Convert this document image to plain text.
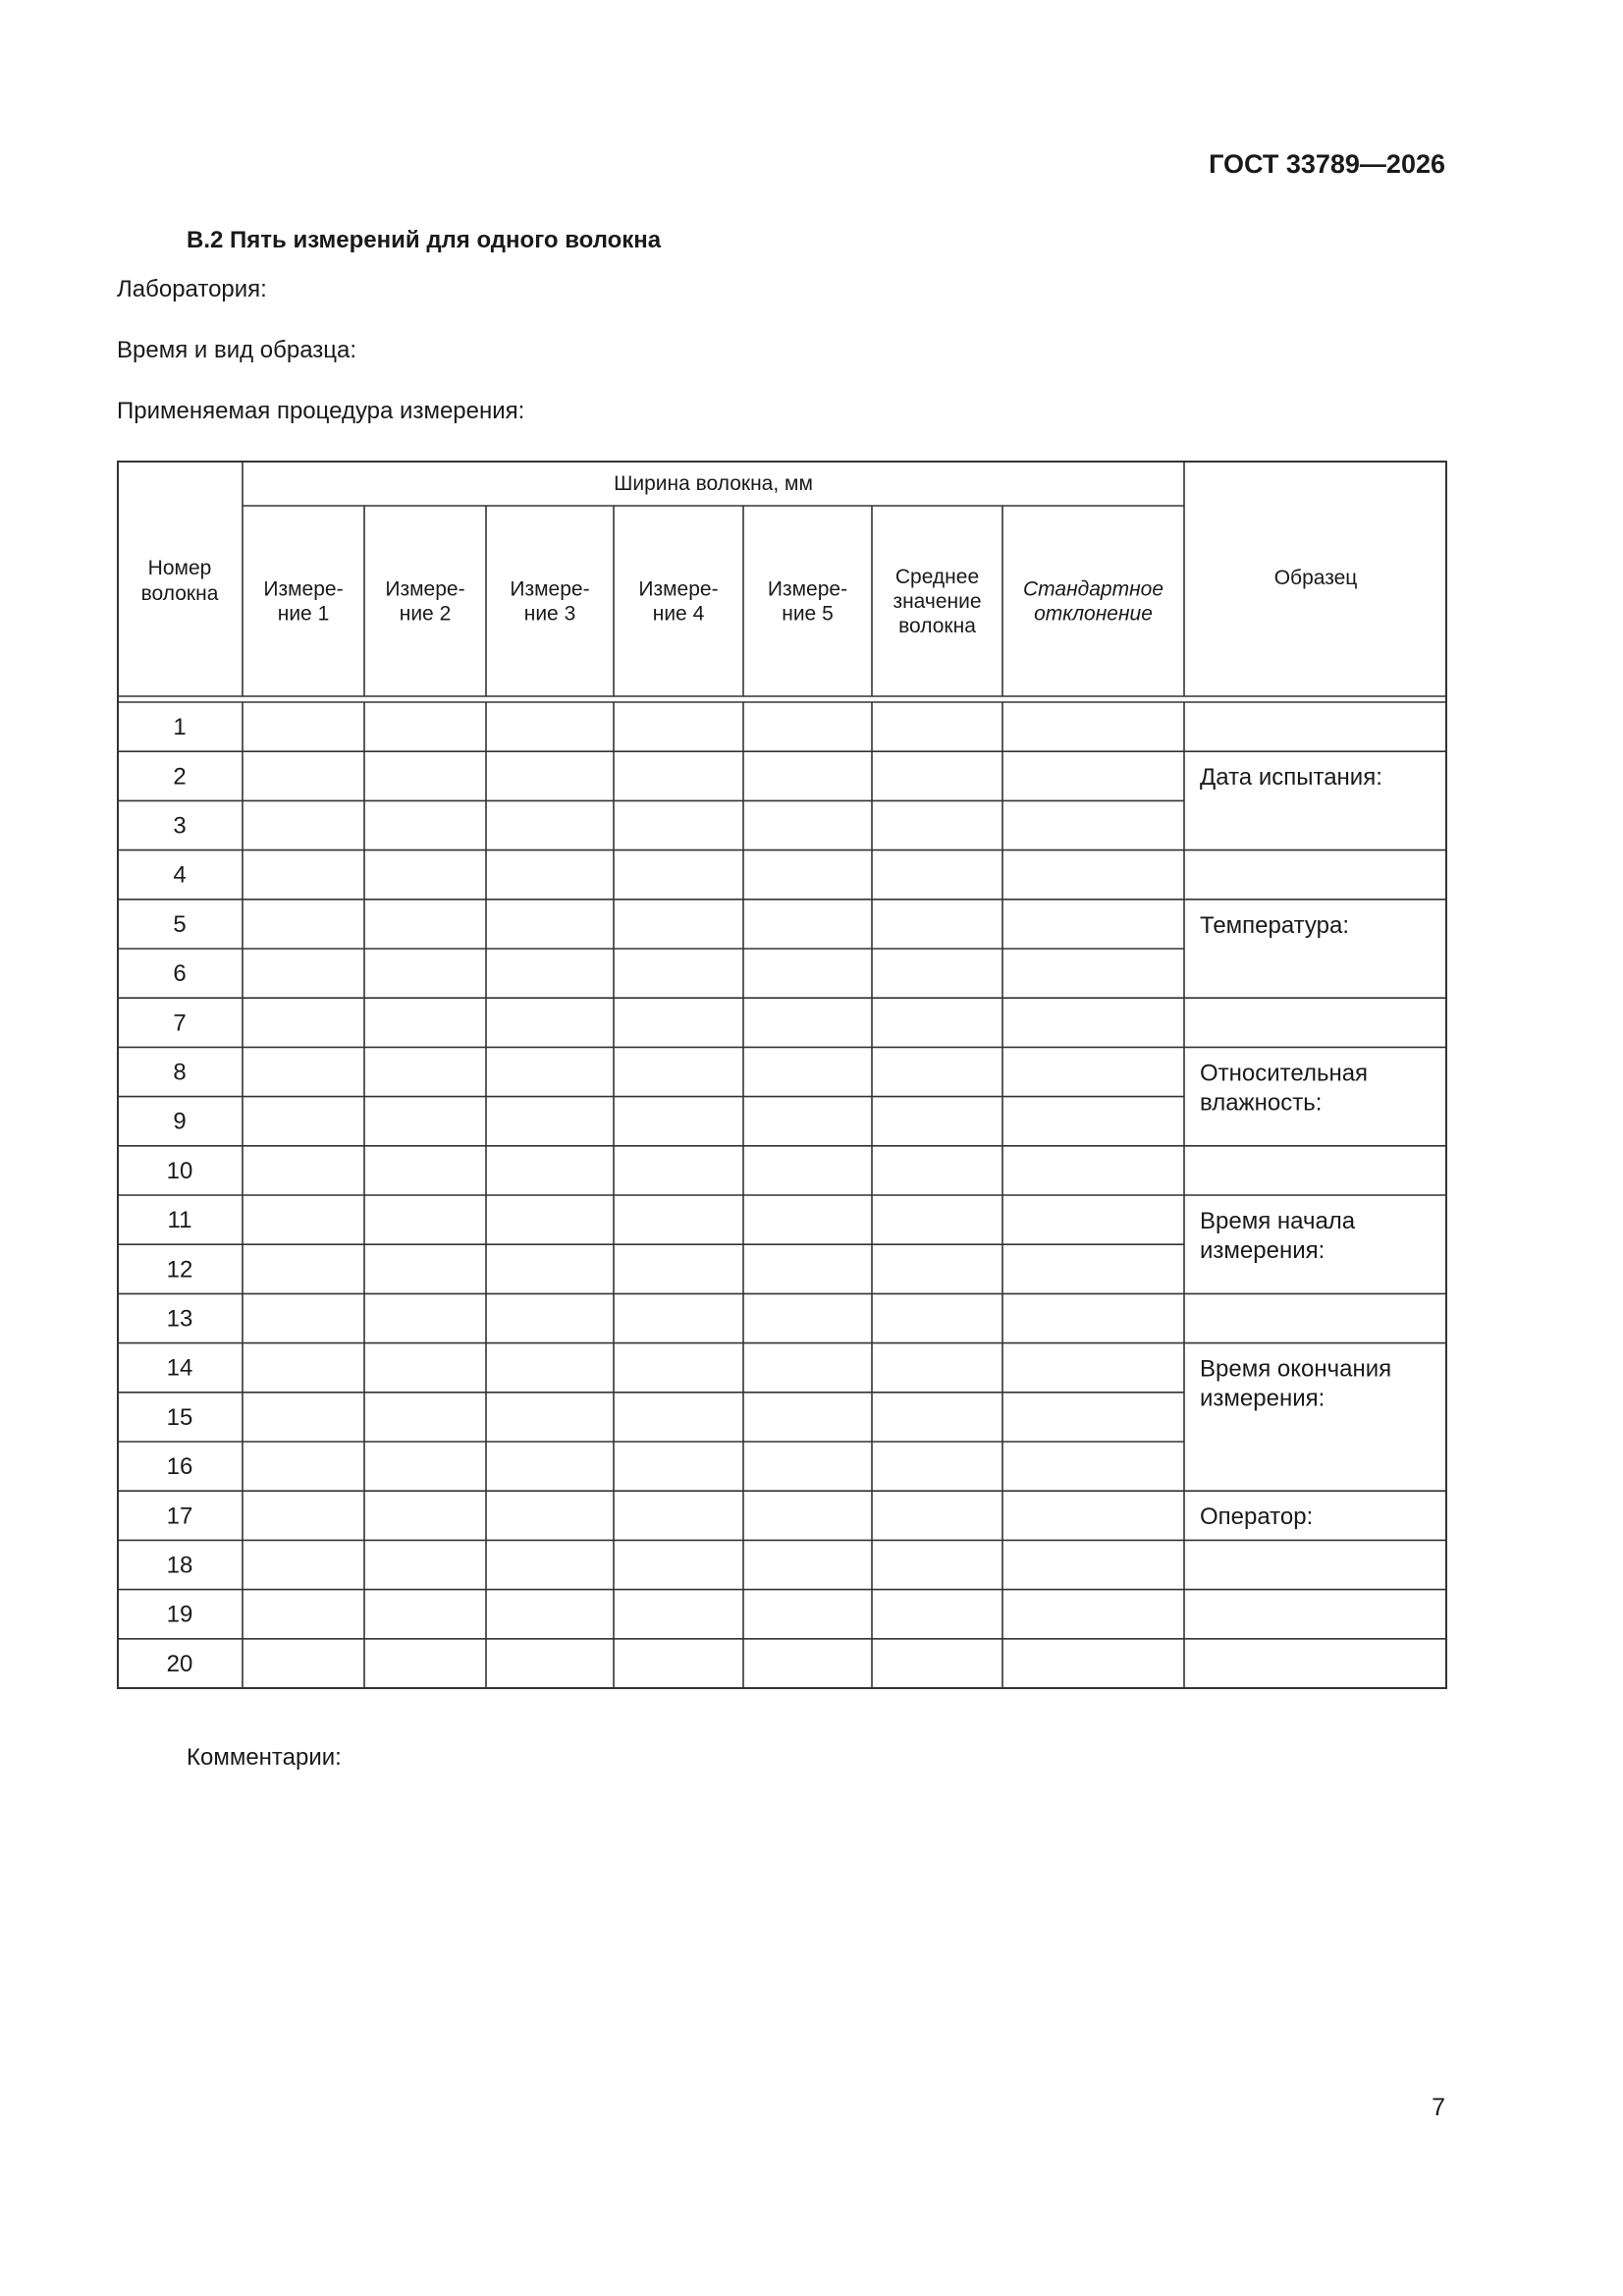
ГОСТ 33789—2026
В.2 Пять измерений для одного волокна
Лаборатория:
Время и вид образца:
Применяемая процедура измерения:
Номер
волокна
Ширина волокна, мм
Измере-
ние 1
Измере-
ние 2
Измере-
ние 3
Измере-
ние 4
Измере-
ние 5
Среднее
значение
волокна
Стандартное
отклонение
Образец
1
2
3
4
5
6
7
8
9
10
11
12
13
14
15
16
17
18
19
20
Дата испытания:
Температура:
Относительная
влажность:
Время начала
измерения:
Время окончания
измерения:
Оператор:
Комментарии:
7
